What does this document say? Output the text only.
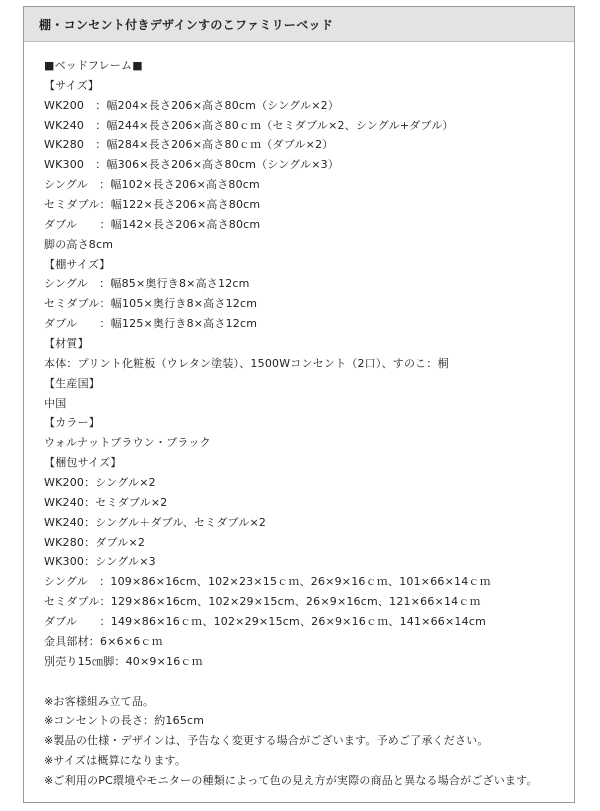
棚・コンセント付きデザインすのこファミリーベッド
■ベッドフレーム■
【サイズ】
WK200　：幅204×長さ206×高さ80cm（シングル×2）
WK240　：幅244×長さ206×高さ80ｃｍ（セミダブル×2、シングル+ダブル）
WK280　：幅284×長さ206×高さ80ｃｍ（ダブル×2）
WK300　：幅306×長さ206×高さ80cm（シングル×3）
シングル　：幅102×長さ206×高さ80cm
セミダブル：幅122×長さ206×高さ80cm
ダブル　　：幅142×長さ206×高さ80cm
脚の高さ8cm
【棚サイズ】
シングル　：幅85×奥行き8×高さ12cm
セミダブル：幅105×奥行き8×高さ12cm
ダブル　　：幅125×奥行き8×高さ12cm
【材質】
本体：プリント化粧板（ウレタン塗装）、1500Wコンセント（2口）、すのこ：桐
【生産国】
中国
【カラー】
ウォルナットブラウン・ブラック
【梱包サイズ】
WK200：シングル×2
WK240：セミダブル×2
WK240：シングル＋ダブル、セミダブル×2
WK280：ダブル×2
WK300：シングル×3
シングル　：109×86×16cm、102×23×15ｃｍ、26×9×16ｃｍ、101×66×14ｃｍ
セミダブル：129×86×16cm、102×29×15cm、26×9×16cm、121×66×14ｃｍ
ダブル　　：149×86×16ｃｍ、102×29×15cm、26×9×16ｃｍ、141×66×14cm
金具部材：6×6×6ｃｍ
別売り15㎝脚：40×9×16ｃｍ
※お客様組み立て品。
※コンセントの長さ：約165cm
※製品の仕様・デザインは、予告なく変更する場合がございます。予めご了承ください。
※サイズは概算になります。
※ご利用のPC環境やモニターの種類によって色の見え方が実際の商品と異なる場合がございます。
